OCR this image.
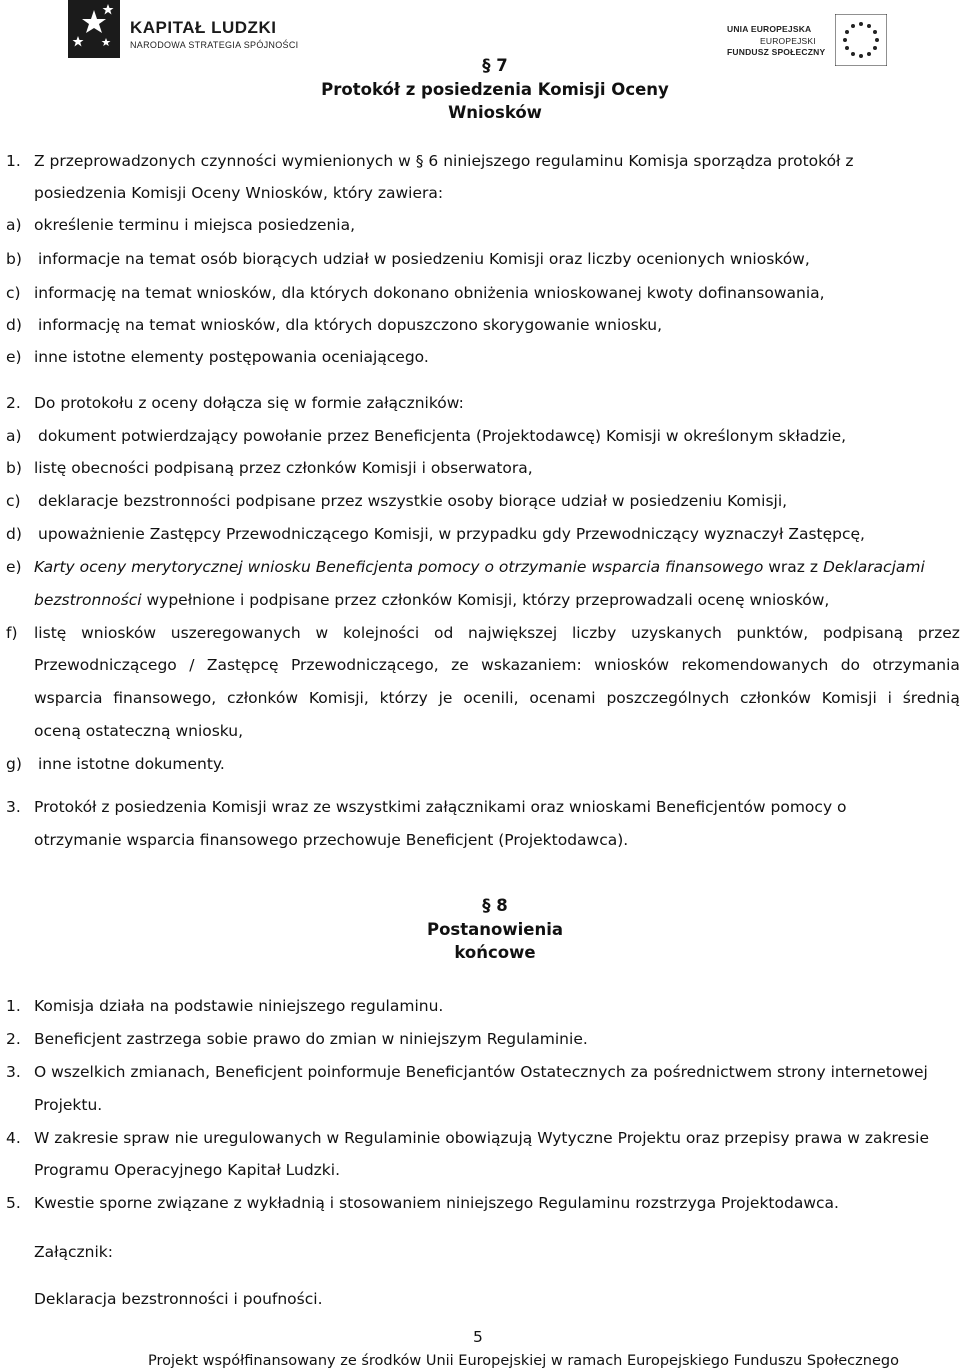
KAPITAŁ LUDZKI
NARODOWA STRATEGIA SPÓJNOŚCI
UNIA EUROPEJSKA
EUROPEJSKI
FUNDUSZ SPOŁECZNY
§ 7
Protokół z posiedzenia Komisji Oceny
Wniosków
1. Z przeprowadzonych czynności wymienionych w § 6 niniejszego regulaminu Komisja sporządza protokół z
posiedzenia Komisji Oceny Wniosków, który zawiera:
a) określenie terminu i miejsca posiedzenia,
b) informacje na temat osób biorących udział w posiedzeniu Komisji oraz liczby ocenionych wniosków,
c) informację na temat wniosków, dla których dokonano obniżenia wnioskowanej kwoty dofinansowania,
d) informację na temat wniosków, dla których dopuszczono skorygowanie wniosku,
e) inne istotne elementy postępowania oceniającego.
2. Do protokołu z oceny dołącza się w formie załączników:
a) dokument potwierdzający powołanie przez Beneficjenta (Projektodawcę) Komisji w określonym składzie,
b) listę obecności podpisaną przez członków Komisji i obserwatora,
c) deklaracje bezstronności podpisane przez wszystkie osoby biorące udział w posiedzeniu Komisji,
d) upoważnienie Zastępcy Przewodniczącego Komisji, w przypadku gdy Przewodniczący wyznaczył Zastępcę,
e) Karty oceny merytorycznej wniosku Beneficjenta pomocy o otrzymanie wsparcia finansowego wraz z Deklaracjami
bezstronności wypełnione i podpisane przez członków Komisji, którzy przeprowadzali ocenę wniosków,
f) listę wniosków uszeregowanych w kolejności od największej liczby uzyskanych punktów, podpisaną przez
Przewodniczącego / Zastępcę Przewodniczącego, ze wskazaniem: wniosków rekomendowanych do otrzymania
wsparcia finansowego, członków Komisji, którzy je ocenili, ocenami poszczególnych członków Komisji i średnią
oceną ostateczną wniosku,
g) inne istotne dokumenty.
3. Protokół z posiedzenia Komisji wraz ze wszystkimi załącznikami oraz wnioskami Beneficjentów pomocy o
otrzymanie wsparcia finansowego przechowuje Beneficjent (Projektodawca).
§ 8
Postanowienia
końcowe
1. Komisja działa na podstawie niniejszego regulaminu.
2. Beneficjent zastrzega sobie prawo do zmian w niniejszym Regulaminie.
3. O wszelkich zmianach, Beneficjent poinformuje Beneficjantów Ostatecznych za pośrednictwem strony internetowej
Projektu.
4. W zakresie spraw nie uregulowanych w Regulaminie obowiązują Wytyczne Projektu oraz przepisy prawa w zakresie
Programu Operacyjnego Kapitał Ludzki.
5. Kwestie sporne związane z wykładnią i stosowaniem niniejszego Regulaminu rozstrzyga Projektodawca.
Załącznik:
Deklaracja bezstronności i poufności.
5
Projekt współfinansowany ze środków Unii Europejskiej w ramach Europejskiego Funduszu Społecznego
